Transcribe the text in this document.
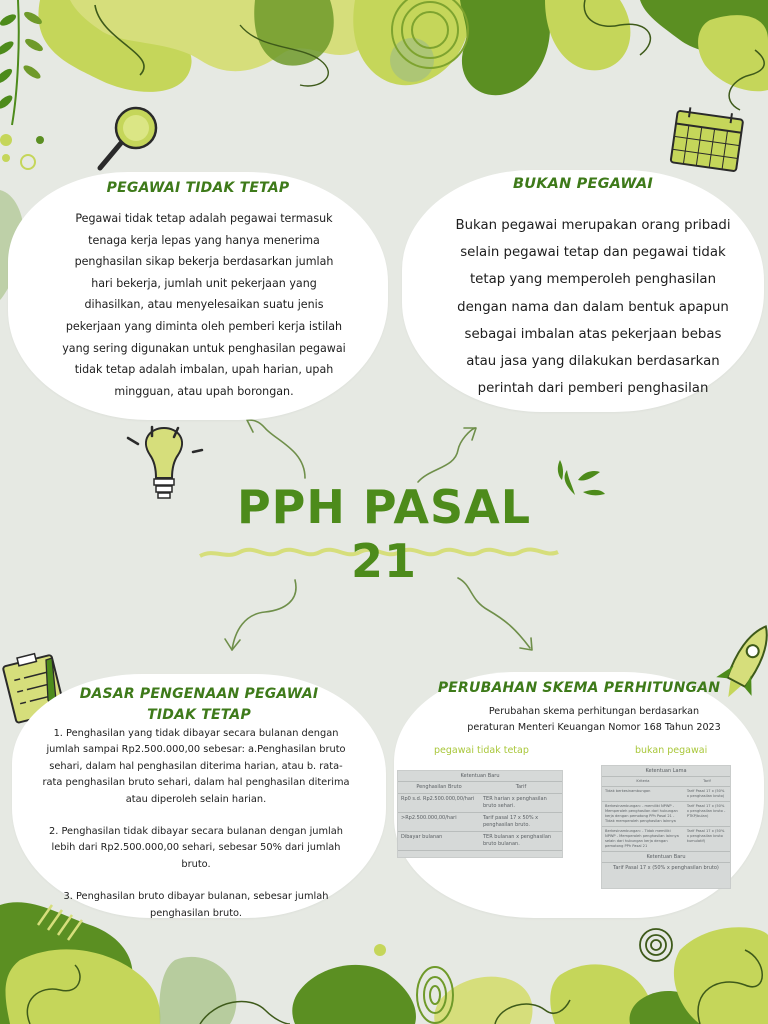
PEGAWAI TIDAK TETAP
Pegawai tidak tetap adalah pegawai termasuk
tenaga kerja lepas yang hanya menerima
penghasilan sikap bekerja berdasarkan jumlah
hari bekerja, jumlah unit pekerjaan yang
dihasilkan, atau menyelesaikan suatu jenis
pekerjaan yang diminta oleh pemberi kerja istilah
yang sering digunakan untuk penghasilan pegawai
tidak tetap adalah imbalan, upah harian, upah
mingguan, atau upah borongan.
BUKAN PEGAWAI
Bukan pegawai merupakan orang pribadi
selain pegawai tetap dan pegawai tidak
tetap yang memperoleh penghasilan
dengan nama dan dalam bentuk apapun
sebagai imbalan atas pekerjaan bebas
atau jasa yang dilakukan berdasarkan
perintah dari pemberi penghasilan
PPH PASAL 21
DASAR PENGENAAN PEGAWAI TIDAK TETAP

1. Penghasilan yang tidak dibayar secara bulanan dengan jumlah sampai Rp2.500.000,00 sebesar: a.Penghasilan bruto sehari, dalam hal penghasilan diterima harian, atau b. rata-rata penghasilan bruto sehari, dalam hal penghasilan diterima atau diperoleh selain harian.

2. Penghasilan tidak dibayar secara bulanan dengan jumlah lebih dari Rp2.500.000,00 sehari, sebesar 50% dari jumlah bruto.

3. Penghasilan bruto dibayar bulanan, sebesar jumlah penghasilan bruto.

PERUBAHAN SKEMA PERHITUNGAN
Perubahan skema perhitungan berdasarkan peraturan Menteri Keuangan Nomor 168 Tahun 2023
pegawai tidak tetap	bukan pegawai
Ketentuan Baru
Penghasilan Bruto	Tarif
Rp0 s.d. Rp2.500.000,00/hari	TER harian x penghasilan bruto sehari.
>Rp2.500.000,00/hari	Tarif pasal 17 x 50% x penghasilan bruto.
Dibayar bulanan	TER bulanan x penghasilan bruto bulanan.
Ketentuan Lama
Kriteria	Tarif
Tidak berkesinambungan	Tarif Pasal 17 x (50% x penghasilan bruto)
Berkesinambungan: - memiliki NPWP - Memperoleh penghasilan dari hubungan kerja dengan pemotong PPh Pasal 21 - Tidak memperoleh penghasilan lainnya	Tarif Pasal 17 x (50% x penghasilan bruto - PTKP/bulan)
Berkesinambungan: - Tidak memiliki NPWP - Memperoleh penghasilan lainnya selain dari hubungan kerja dengan pemotong PPh Pasal 21	Tarif Pasal 17 x (50% x penghasilan bruto kumulatif)
Ketentuan Baru
Tarif Pasal 17 x (50% x penghasilan bruto)
